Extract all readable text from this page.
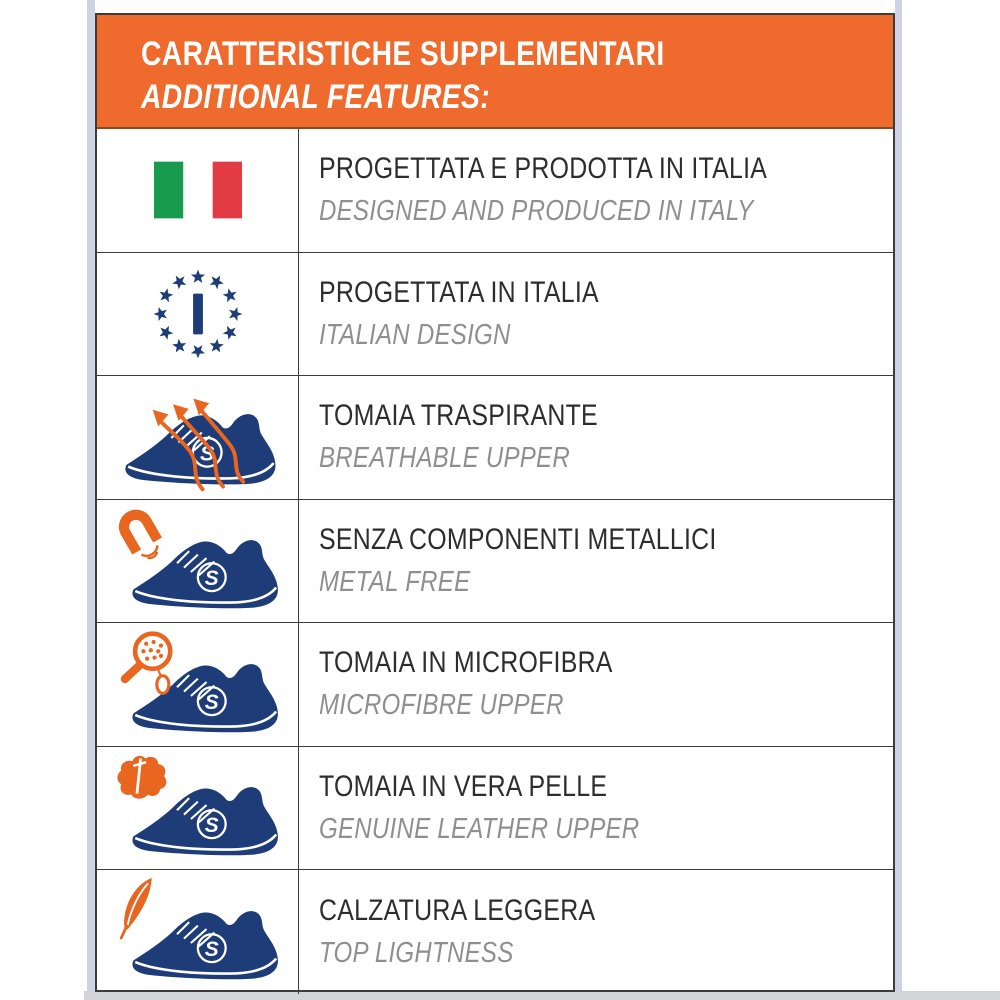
CARATTERISTICHE SUPPLEMENTARI
ADDITIONAL FEATURES:
PROGETTATA E PRODOTTA IN ITALIA
DESIGNED AND PRODUCED IN ITALY
PROGETTATA IN ITALIA
ITALIAN DESIGN
TOMAIA TRASPIRANTE
BREATHABLE UPPER
SENZA COMPONENTI METALLICI
METAL FREE
TOMAIA IN MICROFIBRA
MICROFIBRE UPPER
TOMAIA IN VERA PELLE
GENUINE LEATHER UPPER
CALZATURA LEGGERA
TOP LIGHTNESS
